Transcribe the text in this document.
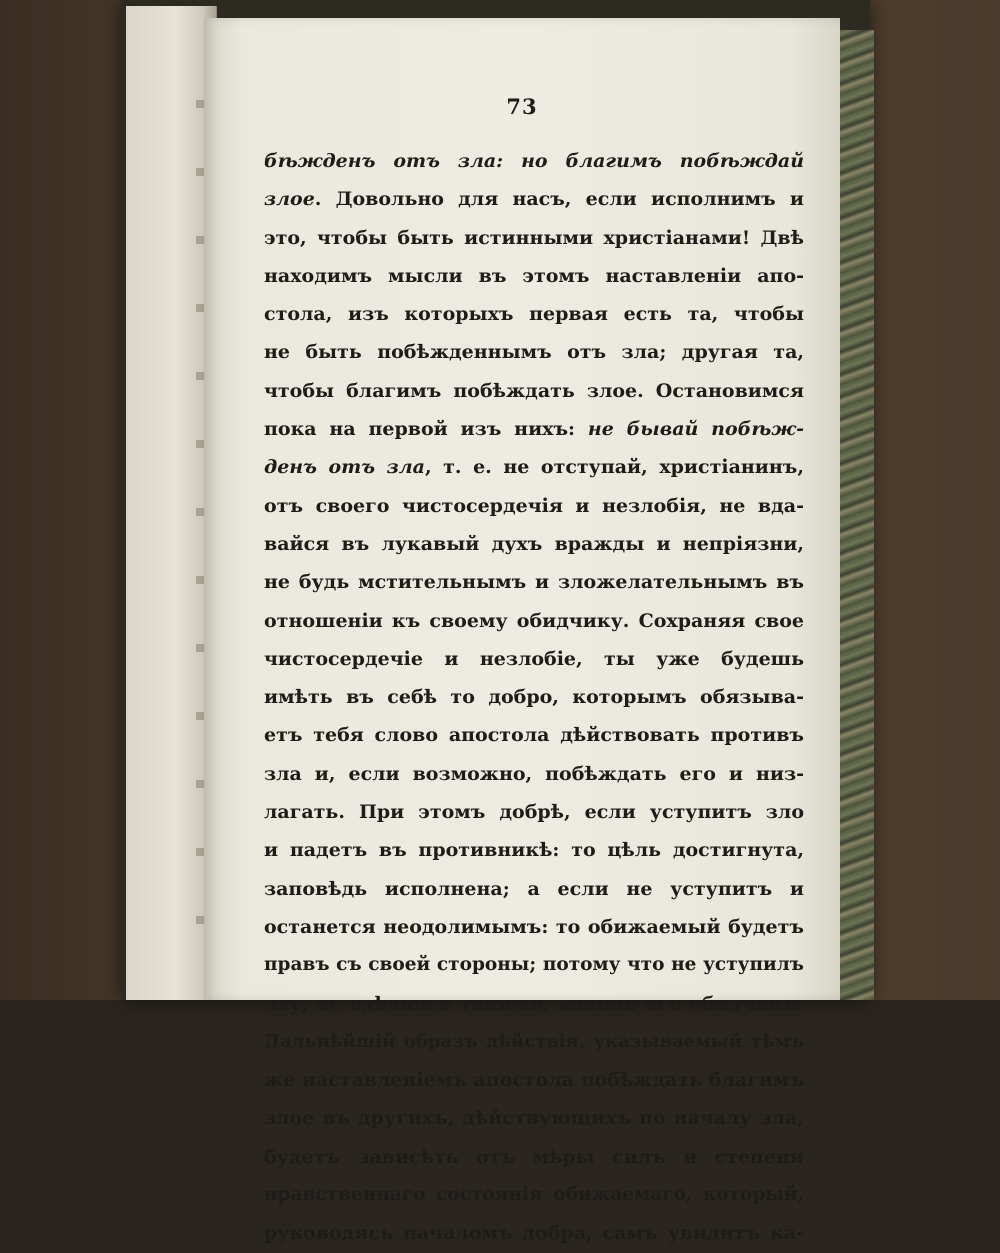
73
бѣжденъ отъ зла: но благимъ побѣждай
злое. Довольно для насъ, если исполнимъ и
это, чтобы быть истинными христіанами! Двѣ
находимъ мысли въ этомъ наставленіи апо-
стола, изъ которыхъ первая есть та, чтобы
не быть побѣжденнымъ отъ зла; другая та,
чтобы благимъ побѣждать злое. Остановимся
пока на первой изъ нихъ: не бывай побѣж-
денъ отъ зла, т. е. не отступай, христіанинъ,
отъ своего чистосердечія и незлобія, не вда-
вайся въ лукавый духъ вражды и непріязни,
не будь мстительнымъ и зложелательнымъ въ
отношеніи къ своему обидчику. Сохраняя свое
чистосердечіе и незлобіе, ты уже будешь
имѣть въ себѣ то добро, которымъ обязыва-
етъ тебя слово апостола дѣйствовать противъ
зла и, если возможно, побѣждать его и низ-
лагать. При этомъ добрѣ, если уступитъ зло
и падетъ въ противникѣ: то цѣль достигнута,
заповѣдь исполнена; а если не уступитъ и
останется неодолимымъ: то обижаемый будетъ
правъ съ своей стороны; потому что не уступилъ
злу, не сдѣлался такимъ, каковъ его обидчикъ.
Дальнѣйшій образъ дѣйствія, указываемый тѣмъ
же наставленіемъ апостола побѣждать благимъ
злое въ другихъ, дѣйствующихъ по началу зла,
будетъ зависѣть отъ мѣры силъ и степени
нравственнаго состоянія обижаемаго, который,
руководясь началомъ добра, самъ увидитъ ка-
